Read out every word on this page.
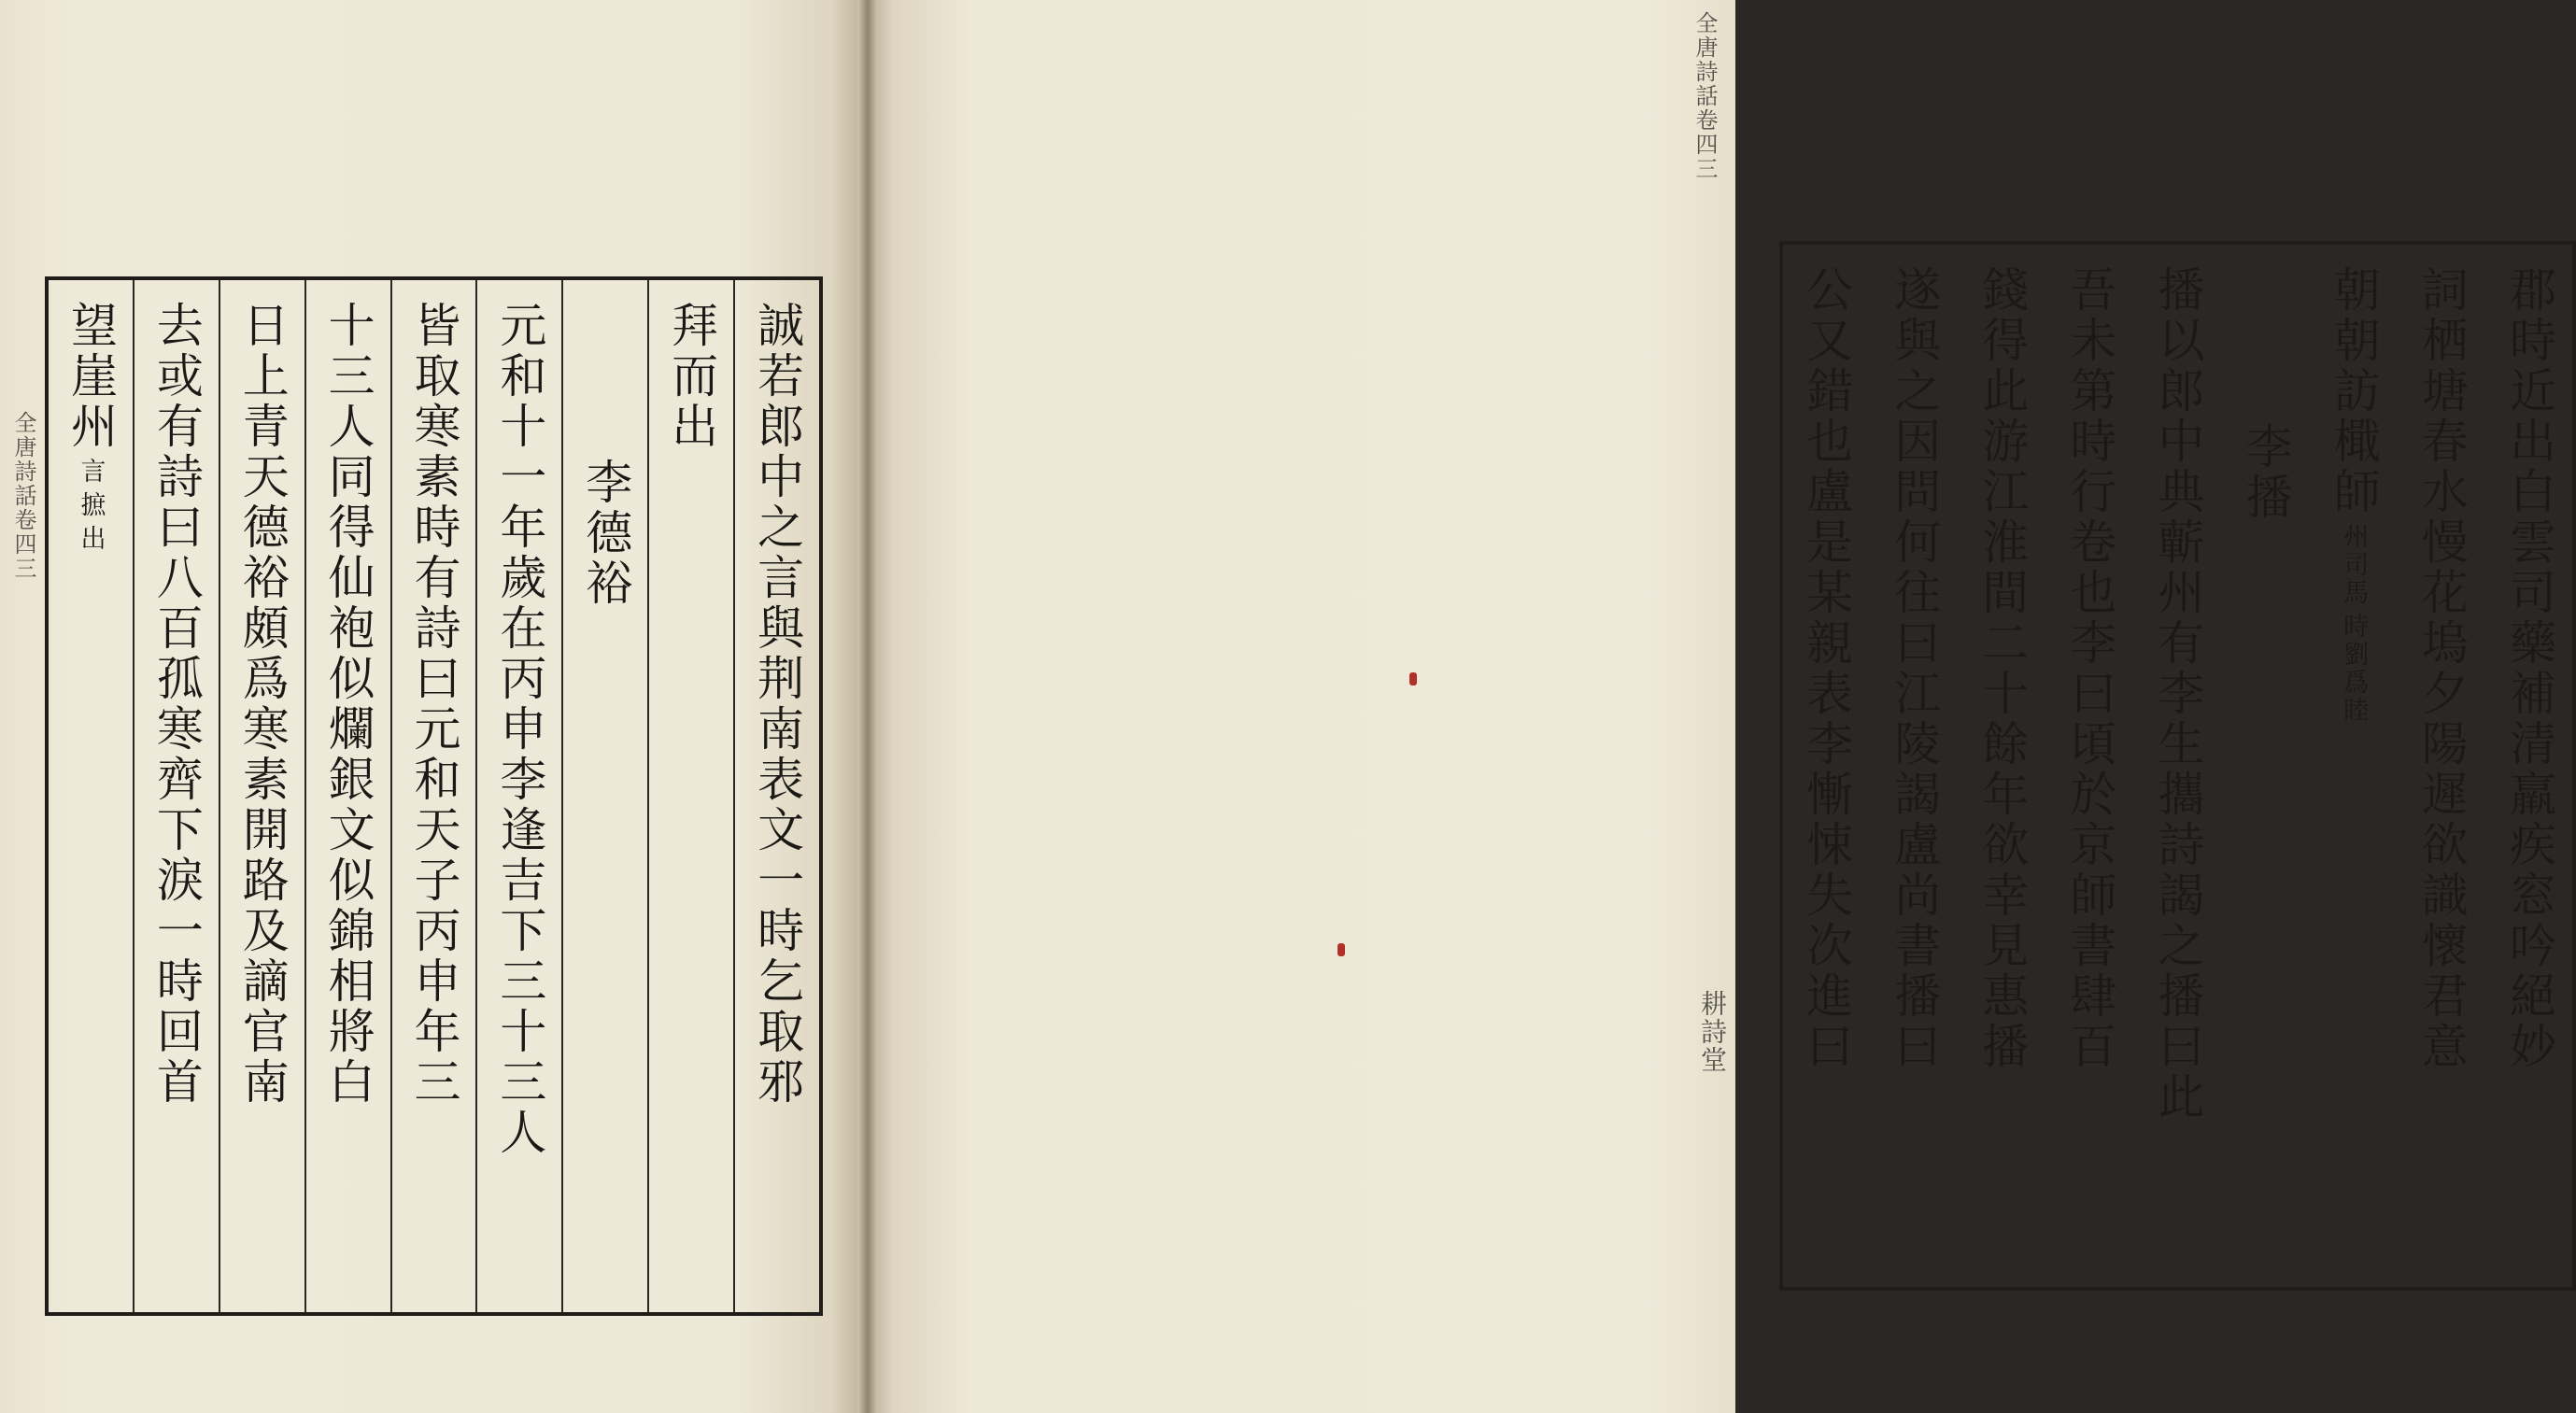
全唐詩話卷四三	誠若郎中之言與荆南表文一時乞取邪
拜而出
李德裕
元和十一年歲在丙申李逢吉下三十三人
皆取寒素時有詩曰元和天子丙申年三
十三人同得仙袍似爛銀文似錦相將白
日上青天德裕頗爲寒素開路及謫官南
去或有詩曰八百孤寒齊下淚一時回首
望崖州
出
摭
言
全唐詩話卷四三
耕詩堂	郡時近出白雲司藥補清羸疾窓吟絕妙
詞栖塘春水慢花塢夕陽遲欲識懷君意
朝朝訪檝師
時劉爲睦
州司馬
李播
播以郎中典蘄州有李生攜詩謁之播曰此
吾未第時行卷也李曰頃於京師書肆百
錢得此游江淮間二十餘年欲幸見惠播
遂與之因問何往曰江陵謁盧尚書播曰
公又錯也盧是某親表李慚悚失次進曰
